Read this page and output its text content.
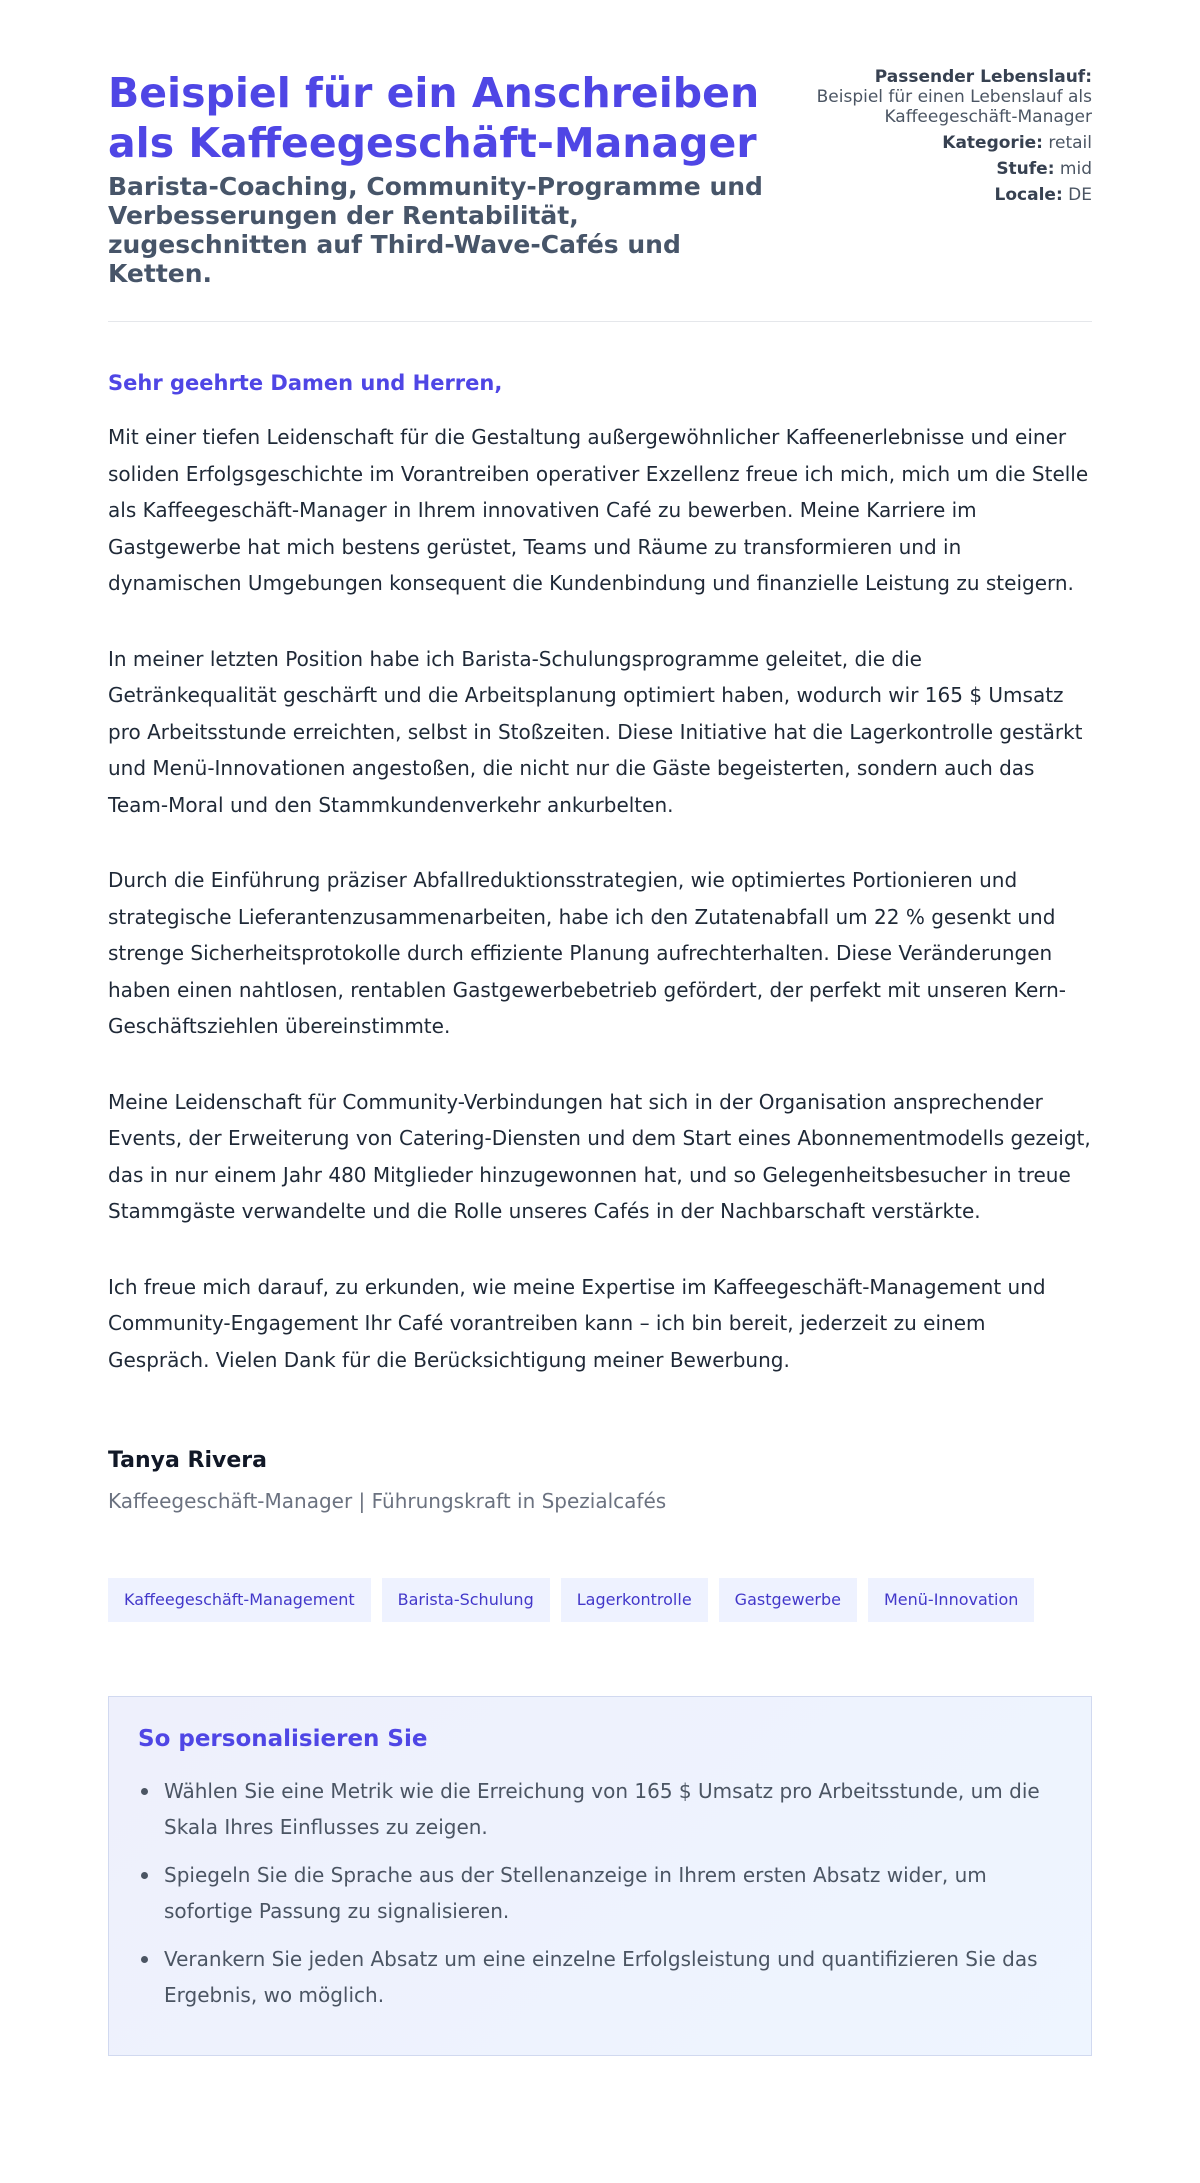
Beispiel für ein Anschreiben als Kaffeegeschäft-Manager
Barista-Coaching, Community-Programme und Verbesserungen der Rentabilität, zugeschnitten auf Third-Wave-Cafés und Ketten.
Passender Lebenslauf:
Beispiel für einen Lebenslauf als Kaffeegeschäft-Manager
Kategorie: retail
Stufe: mid
Locale: DE
Sehr geehrte Damen und Herren,

Mit einer tiefen Leidenschaft für die Gestaltung außergewöhnlicher Kaffeenerlebnisse und einer soliden Erfolgsgeschichte im Vorantreiben operativer Exzellenz freue ich mich, mich um die Stelle als Kaffeegeschäft-Manager in Ihrem innovativen Café zu bewerben. Meine Karriere im Gastgewerbe hat mich bestens gerüstet, Teams und Räume zu transformieren und in dynamischen Umgebungen konsequent die Kundenbindung und finanzielle Leistung zu steigern.

In meiner letzten Position habe ich Barista-Schulungsprogramme geleitet, die die Getränkequalität geschärft und die Arbeitsplanung optimiert haben, wodurch wir 165 $ Umsatz pro Arbeitsstunde erreichten, selbst in Stoßzeiten. Diese Initiative hat die Lagerkontrolle gestärkt und Menü-Innovationen angestoßen, die nicht nur die Gäste begeisterten, sondern auch das Team-Moral und den Stammkundenverkehr ankurbelten.

Durch die Einführung präziser Abfallreduktionsstrategien, wie optimiertes Portionieren und strategische Lieferantenzusammenarbeiten, habe ich den Zutatenabfall um 22 % gesenkt und strenge Sicherheitsprotokolle durch effiziente Planung aufrechterhalten. Diese Veränderungen haben einen nahtlosen, rentablen Gastgewerbebetrieb gefördert, der perfekt mit unseren Kern-Geschäftsziehlen übereinstimmte.

Meine Leidenschaft für Community-Verbindungen hat sich in der Organisation ansprechender Events, der Erweiterung von Catering-Diensten und dem Start eines Abonnementmodells gezeigt, das in nur einem Jahr 480 Mitglieder hinzugewonnen hat, und so Gelegenheitsbesucher in treue Stammgäste verwandelte und die Rolle unseres Cafés in der Nachbarschaft verstärkte.

Ich freue mich darauf, zu erkunden, wie meine Expertise im Kaffeegeschäft-Management und Community-Engagement Ihr Café vorantreiben kann – ich bin bereit, jederzeit zu einem Gespräch. Vielen Dank für die Berücksichtigung meiner Bewerbung.

Tanya Rivera
Kaffeegeschäft-Manager | Führungskraft in Spezialcafés
Kaffeegeschäft-Management	Barista-Schulung	Lagerkontrolle	Gastgewerbe	Menü-Innovation
So personalisieren Sie
Wählen Sie eine Metrik wie die Erreichung von 165 $ Umsatz pro Arbeitsstunde, um die Skala Ihres Einflusses zu zeigen.
Spiegeln Sie die Sprache aus der Stellenanzeige in Ihrem ersten Absatz wider, um sofortige Passung zu signalisieren.
Verankern Sie jeden Absatz um eine einzelne Erfolgsleistung und quantifizieren Sie das Ergebnis, wo möglich.
